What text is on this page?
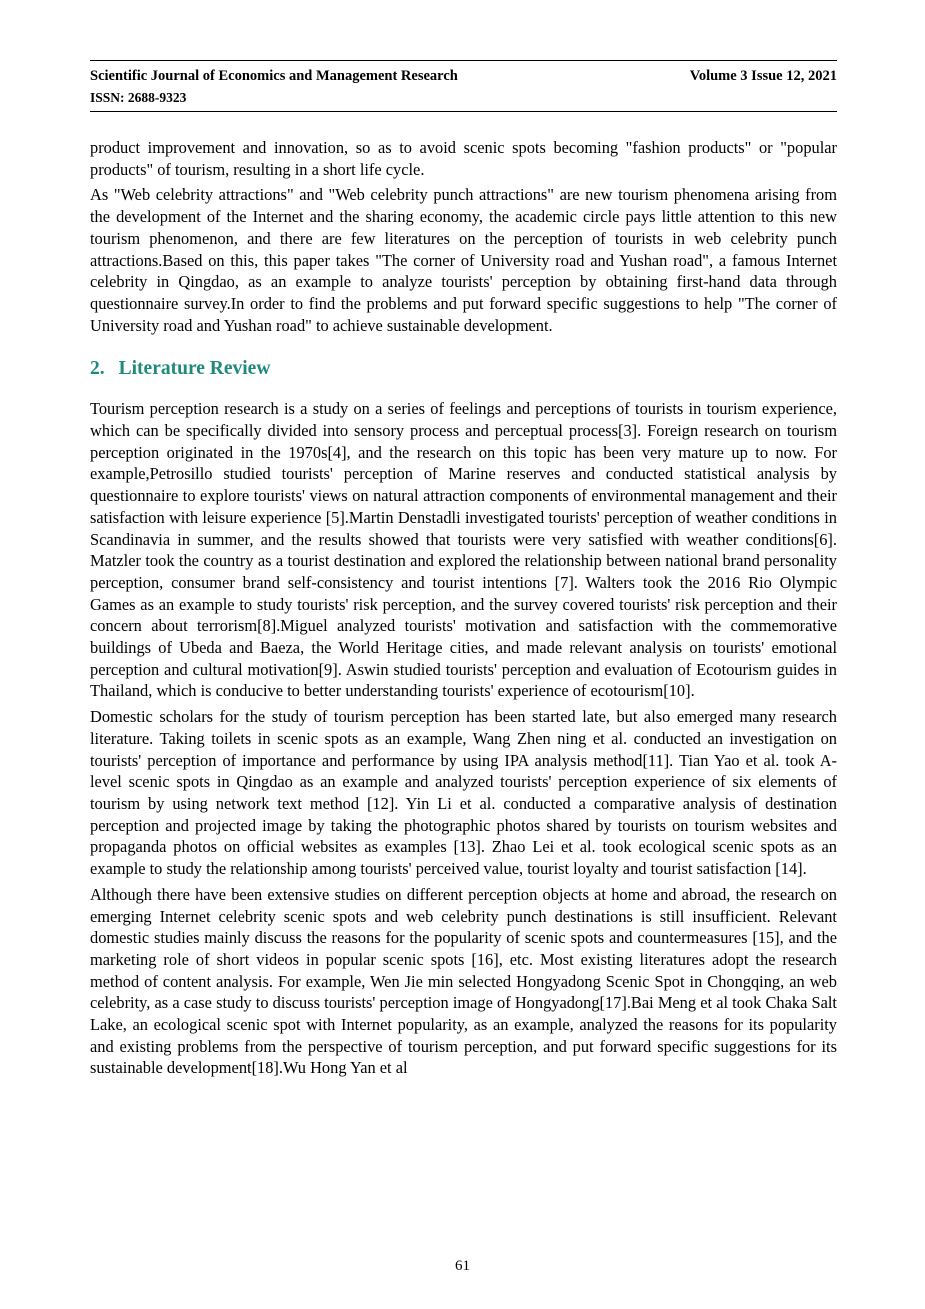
Scientific Journal of Economics and Management Research	Volume 3 Issue 12, 2021
ISSN: 2688-9323

product improvement and innovation, so as to avoid scenic spots becoming "fashion products" or "popular products" of tourism, resulting in a short life cycle.

As "Web celebrity attractions" and "Web celebrity punch attractions" are new tourism phenomena arising from the development of the Internet and the sharing economy, the academic circle pays little attention to this new tourism phenomenon, and there are few literatures on the perception of tourists in web celebrity punch attractions.Based on this, this paper takes "The corner of University road and Yushan road", a famous Internet celebrity in Qingdao, as an example to analyze tourists' perception by obtaining first-hand data through questionnaire survey.In order to find the problems and put forward specific suggestions to help "The corner of University road and Yushan road" to achieve sustainable development.

2. Literature Review

Tourism perception research is a study on a series of feelings and perceptions of tourists in tourism experience, which can be specifically divided into sensory process and perceptual process[3]. Foreign research on tourism perception originated in the 1970s[4], and the research on this topic has been very mature up to now. For example,Petrosillo studied tourists' perception of Marine reserves and conducted statistical analysis by questionnaire to explore tourists' views on natural attraction components of environmental management and their satisfaction with leisure experience [5].Martin Denstadli investigated tourists' perception of weather conditions in Scandinavia in summer, and the results showed that tourists were very satisfied with weather conditions[6]. Matzler took the country as a tourist destination and explored the relationship between national brand personality perception, consumer brand self-consistency and tourist intentions [7]. Walters took the 2016 Rio Olympic Games as an example to study tourists' risk perception, and the survey covered tourists' risk perception and their concern about terrorism[8].Miguel analyzed tourists' motivation and satisfaction with the commemorative buildings of Ubeda and Baeza, the World Heritage cities, and made relevant analysis on tourists' emotional perception and cultural motivation[9]. Aswin studied tourists' perception and evaluation of Ecotourism guides in Thailand, which is conducive to better understanding tourists' experience of ecotourism[10].

Domestic scholars for the study of tourism perception has been started late, but also emerged many research literature. Taking toilets in scenic spots as an example, Wang Zhen ning et al. conducted an investigation on tourists' perception of importance and performance by using IPA analysis method[11]. Tian Yao et al. took A-level scenic spots in Qingdao as an example and analyzed tourists' perception experience of six elements of tourism by using network text method [12]. Yin Li et al. conducted a comparative analysis of destination perception and projected image by taking the photographic photos shared by tourists on tourism websites and propaganda photos on official websites as examples [13]. Zhao Lei et al. took ecological scenic spots as an example to study the relationship among tourists' perceived value, tourist loyalty and tourist satisfaction [14].

Although there have been extensive studies on different perception objects at home and abroad, the research on emerging Internet celebrity scenic spots and web celebrity punch destinations is still insufficient. Relevant domestic studies mainly discuss the reasons for the popularity of scenic spots and countermeasures [15], and the marketing role of short videos in popular scenic spots [16], etc. Most existing literatures adopt the research method of content analysis. For example, Wen Jie min selected Hongyadong Scenic Spot in Chongqing, an web celebrity, as a case study to discuss tourists' perception image of Hongyadong[17].Bai Meng et al took Chaka Salt Lake, an ecological scenic spot with Internet popularity, as an example, analyzed the reasons for its popularity and existing problems from the perspective of tourism perception, and put forward specific suggestions for its sustainable development[18].Wu Hong Yan et al

61
